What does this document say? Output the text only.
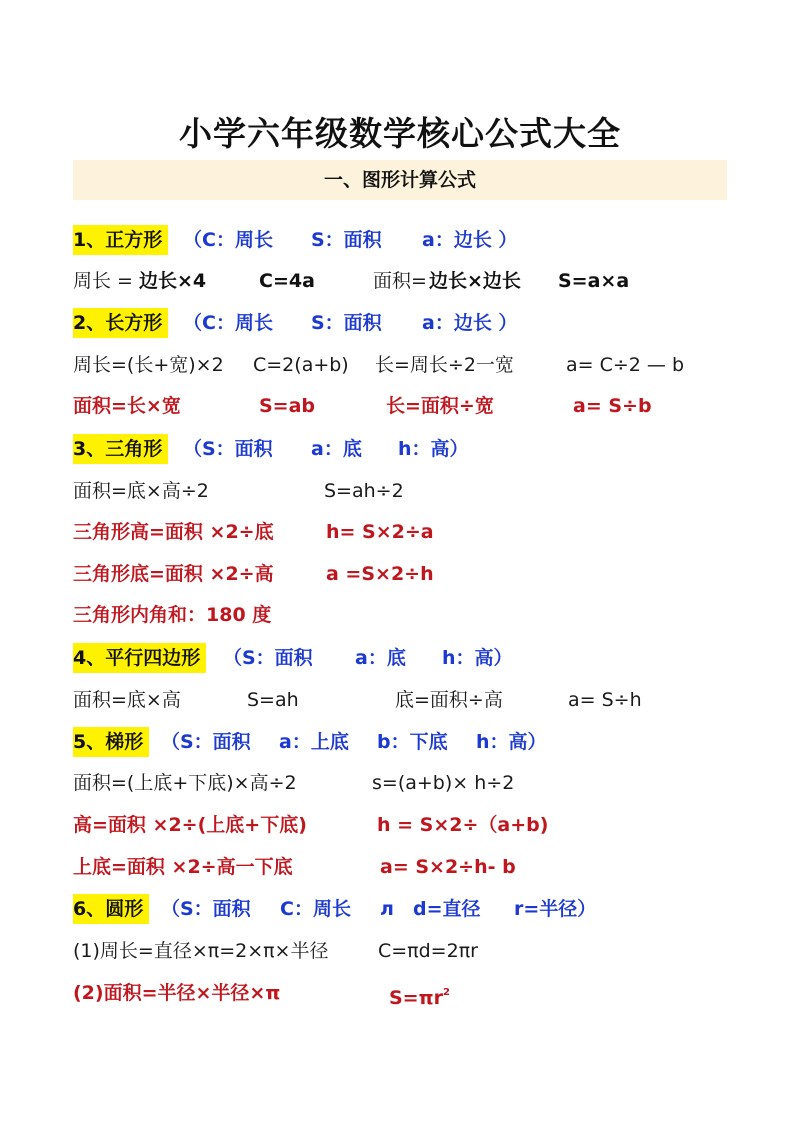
小学六年级数学核心公式大全
一、图形计算公式
1、正方形	（C：周长 S：面积 a：边长 ）
周长 = 边长×4	C=4a	面积= 边长×边长 S=a×a
2、长方形	（C：周长 S：面积 a：边长 ）
周长=(长+宽)×2 C=2(a+b) 长=周长÷2一宽	a= C÷2 — b
面积=长×宽	S=ab	长=面积÷宽	a= S÷b
3、三角形	（S：面积 a：底 h：高）
面积=底×高÷2	S=ah÷2
三角形高=面积 ×2÷底	h= S×2÷a
三角形底=面积 ×2÷高	a =S×2÷h
三角形内角和：180 度
4、平行四边形	（S：面积 a：底 h：高）
面积=底×高	S=ah	底=面积÷高	a= S÷h
5、梯形 （S：面积 a：上底 b：下底 h：高）
面积=(上底+下底)×高÷2	s=(a+b)× h÷2
高=面积 ×2÷(上底+下底)	h = S×2÷（a+b)
上底=面积 ×2÷高一下底	a= S×2÷h- b
6、圆形 （S：面积 C：周长 л d=直径 r=半径）
(1)周长=直径×π=2×π×半径	C=πd=2πr
(2)面积=半径×半径×π	$S=\pi r^2$
